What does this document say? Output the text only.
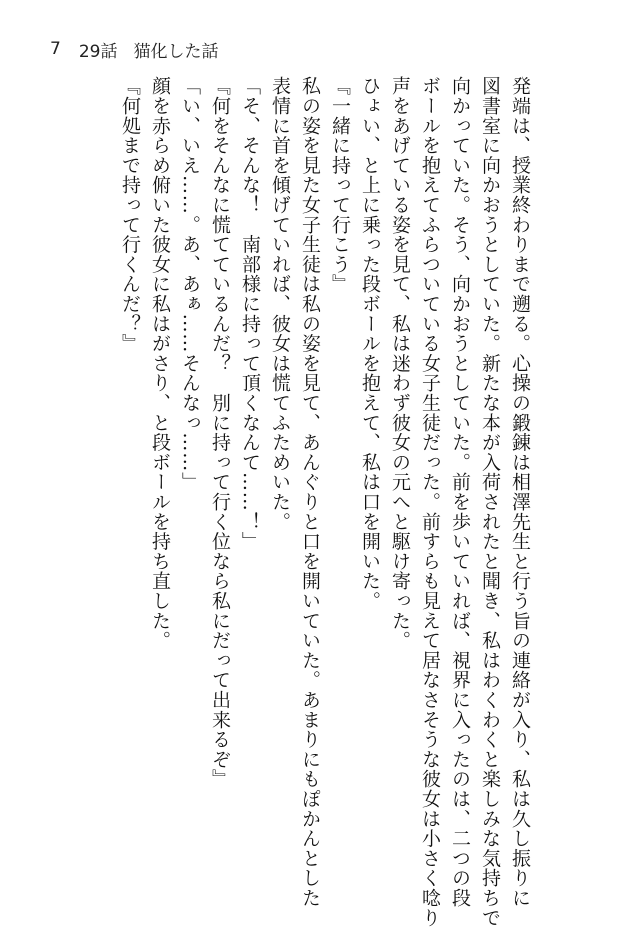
7 29話 猫化した話
発端は、授業終わりまで遡る。心操の鍛錬は相澤先生と行う旨の連絡が入り、私は久し振りに
図書室に向かおうとしていた。新たな本が入荷されたと聞き、私はわくわくと楽しみな気持ちで
向かっていた。そう、向かおうとしていた。前を歩いていれば、視界に入ったのは、二つの段
ボールを抱えてふらついている女子生徒だった。前すらも見えて居なさそうな彼女は小さく唸り
声をあげている姿を見て、私は迷わず彼女の元へと駆け寄った。
ひょい、と上に乗った段ボールを抱えて、私は口を開いた。
『一緒に持って行こう』
私の姿を見た女子生徒は私の姿を見て、あんぐりと口を開いていた。あまりにもぽかんとした
表情に首を傾げていれば、彼女は慌てふためいた。
「そ、そんな！　南部様に持って頂くなんて……！」
『何をそんなに慌てているんだ？　別に持って行く位なら私にだって出来るぞ』
「い、いえ……。あ、あぁ……そんなっ……」
顔を赤らめ俯いた彼女に私はがさり、と段ボールを持ち直した。
『何処まで持って行くんだ？』
